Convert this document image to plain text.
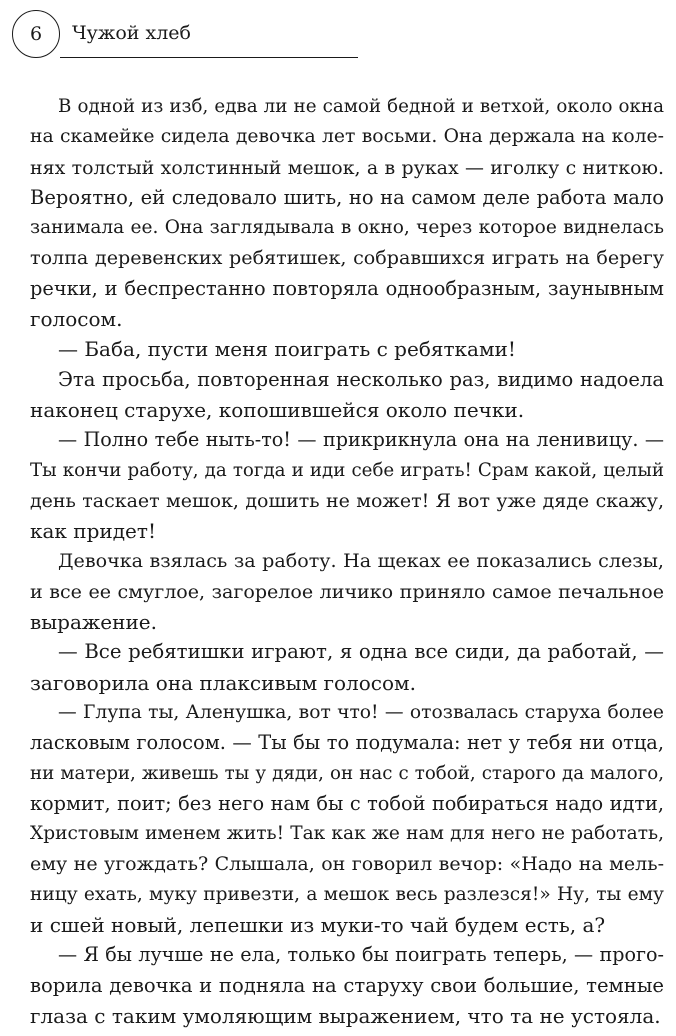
6	Чужой хлеб
В одной из изб, едва ли не самой бедной и ветхой, около окна
на скамейке сидела девочка лет восьми. Она держала на коле-
нях толстый холстинный мешок, а в руках — иголку с ниткою.
Вероятно, ей следовало шить, но на самом деле работа мало
занимала ее. Она заглядывала в окно, через которое виднелась
толпа деревенских ребятишек, собравшихся играть на берегу
речки, и беспрестанно повторяла однообразным, заунывным
голосом.
— Баба, пусти меня поиграть с ребятками!
Эта просьба, повторенная несколько раз, видимо надоела
наконец старухе, копошившейся около печки.
— Полно тебе ныть-то! — прикрикнула она на ленивицу. —
Ты кончи работу, да тогда и иди себе играть! Срам какой, целый
день таскает мешок, дошить не может! Я вот уже дяде скажу,
как придет!
Девочка взялась за работу. На щеках ее показались слезы,
и все ее смуглое, загорелое личико приняло самое печальное
выражение.
— Все ребятишки играют, я одна все сиди, да работай, —
заговорила она плаксивым голосом.
— Глупа ты, Аленушка, вот что! — отозвалась старуха более
ласковым голосом. — Ты бы то подумала: нет у тебя ни отца,
ни матери, живешь ты у дяди, он нас с тобой, старого да малого,
кормит, поит; без него нам бы с тобой побираться надо идти,
Христовым именем жить! Так как же нам для него не работать,
ему не угождать? Слышала, он говорил вечор: «Надо на мель-
ницу ехать, муку привезти, а мешок весь разлезся!» Ну, ты ему
и сшей новый, лепешки из муки-то чай будем есть, а?
— Я бы лучше не ела, только бы поиграть теперь, — прого-
ворила девочка и подняла на старуху свои большие, темные
глаза с таким умоляющим выражением, что та не устояла.
